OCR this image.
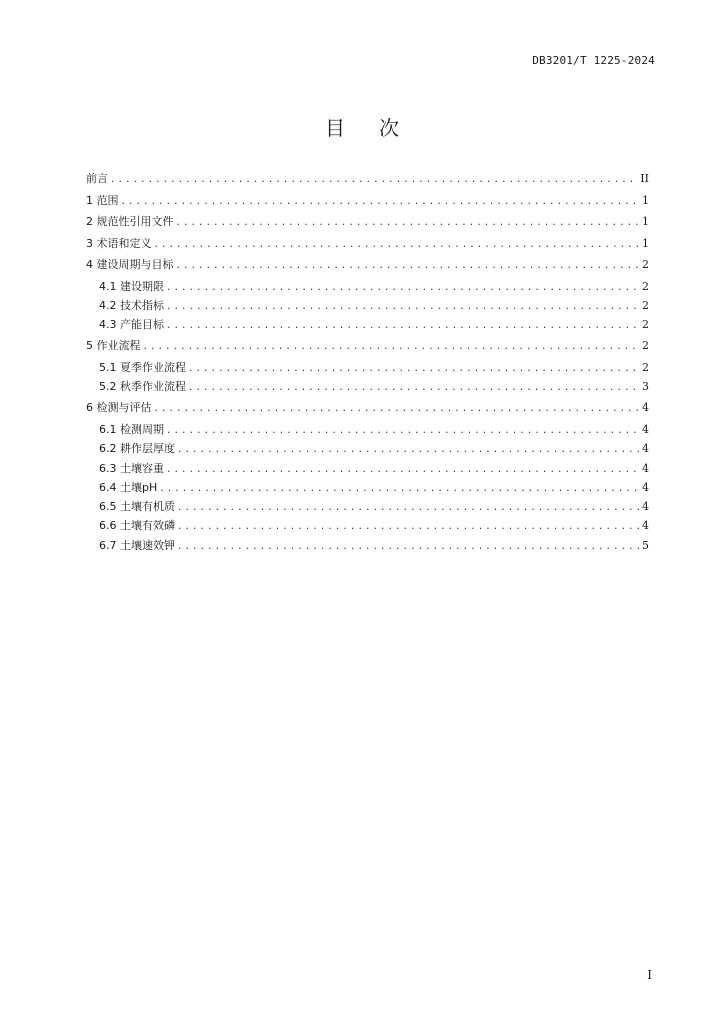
DB3201/T 1225-2024
目次
前言 .....	II
1 范围 .....	1
2 规范性引用文件 .....	1
3 术语和定义 .....	1
4 建设周期与目标 .....	2
4.1 建设期限 .....	2
4.2 技术指标 .....	2
4.3 产能目标 .....	2
5 作业流程 .....	2
5.1 夏季作业流程 .....	2
5.2 秋季作业流程 .....	3
6 检测与评估 .....	4
6.1 检测周期 .....	4
6.2 耕作层厚度 .....	4
6.3 土壤容重 .....	4
6.4 土壤pH .....	4
6.5 土壤有机质 .....	4
6.6 土壤有效磷 .....	4
6.7 土壤速效钾 .....	5
I
